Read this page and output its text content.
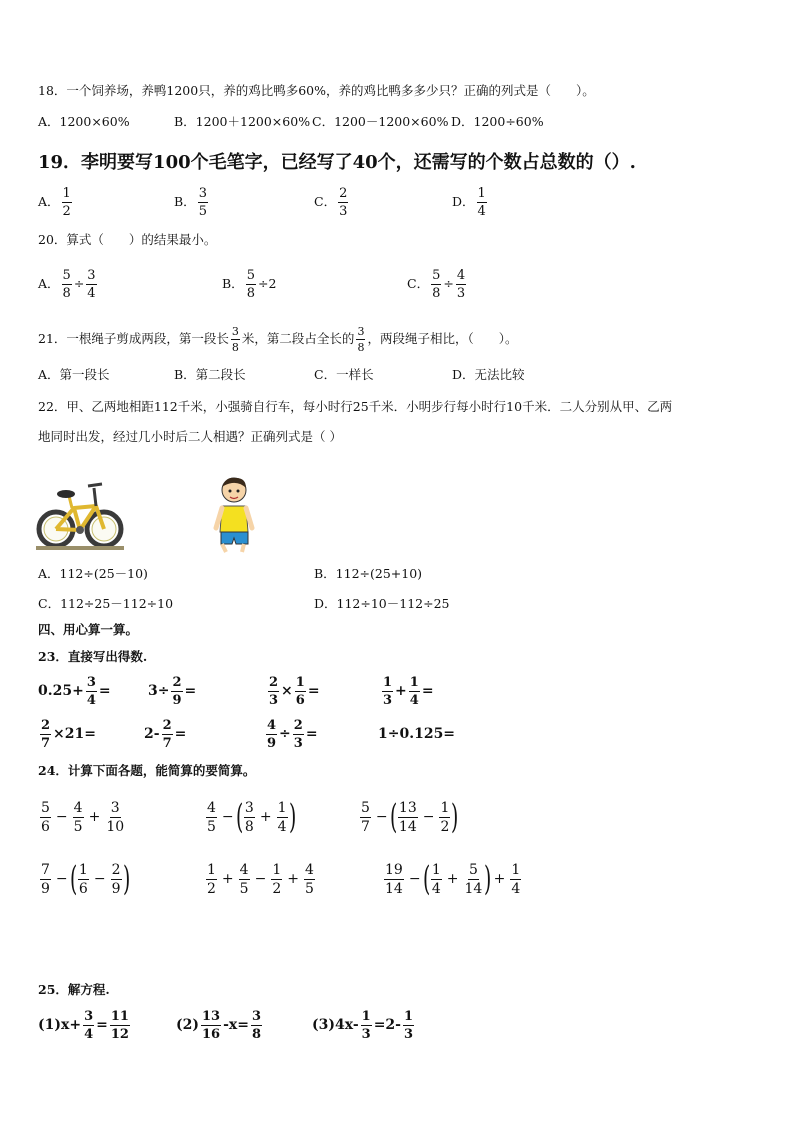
18．一个饲养场，养鸭1200只，养的鸡比鸭多60%，养的鸡比鸭多多少只？正确的列式是（　　）。
A．1200×60%	B．1200＋1200×60% C．1200－1200×60% D．1200÷60%
19．李明要写100个毛笔字，已经写了40个，还需写的个数占总数的（）.
A． $\frac{1}{2}$	B． $\frac{3}{5}$	C． $\frac{2}{3}$	D． $\frac{1}{4}$
20．算式（　　）的结果最小。
A． $\frac{5}{8} \div \frac{3}{4}$	B． $\frac{5}{8} \div 2$	C． $\frac{5}{8} \div \frac{4}{3}$
21．一根绳子剪成两段，第一段长 $\frac{3}{8}$ 米，第二段占全长的 $\frac{3}{8}$ ，两段绳子相比，（　　）。
A．第一段长	B．第二段长	C．一样长	D．无法比较
22．甲、乙两地相距112千米，小强骑自行车，每小时行25千米．小明步行每小时行10千米．二人分别从甲、乙两
地同时出发，经过几小时后二人相遇？正确列式是（ ）
A．112÷(25－10)	B．112÷(25+10)
C．112÷25－112÷10	D．112÷10－112÷25
四、用心算一算。
23．直接写出得数.
$0.25+ \frac{3}{4}$ =	$3\div \frac{2}{9}$ =	$\frac{2}{3} \times \frac{1}{6}$ =	$\frac{1}{3} + \frac{1}{4}$ =
$\frac{2}{7} \times 21=$	$2- \frac{2}{7}$ =	$\frac{4}{9} \div \frac{2}{3}$ =	1÷0.125=
24．计算下面各题，能简算的要简算。
$\frac{5}{6} - \frac{4}{5} + \frac{3}{10}$	$\frac{4}{5}$ − ( $\frac{3}{8} + \frac{1}{4}$ )	$\frac{5}{7}$ − ( $\frac{13}{14} - \frac{1}{2}$ )
$\frac{7}{9}$ − ( $\frac{1}{6} - \frac{2}{9}$ )	$\frac{1}{2} + \frac{4}{5} - \frac{1}{2} + \frac{4}{5}$	$\frac{19}{14}$ − ( $\frac{1}{4} + \frac{5}{14}$ ) + $\frac{1}{4}$
25．解方程.
$(1)x+ \frac{3}{4} = \frac{11}{12}$	$(2) \frac{13}{16} -x= \frac{3}{8}$	$(3)4x- \frac{1}{3} =2- \frac{1}{3}$
